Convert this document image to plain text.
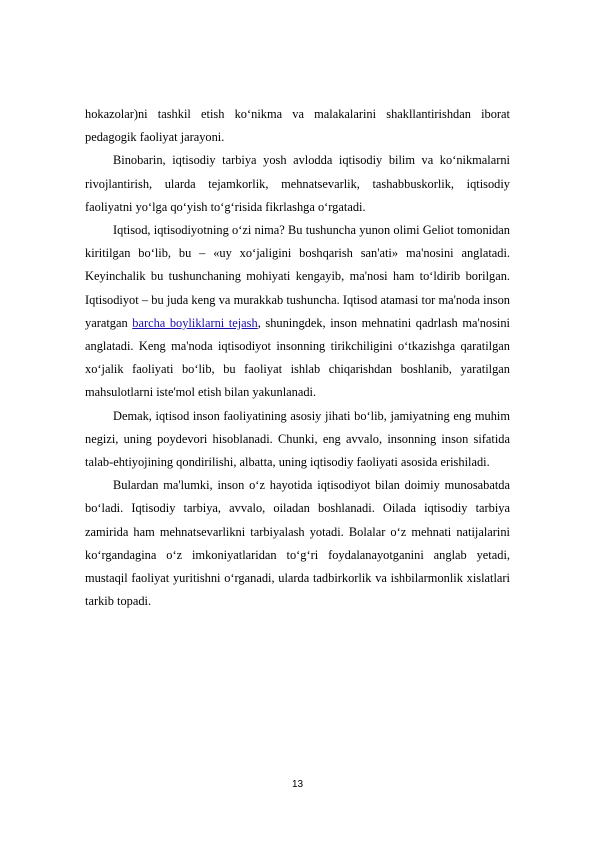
hokazolar)ni tashkil etish ko‘nikma va malakalarini shakllantirishdan iborat pedagogik faoliyat jarayoni.

Binobarin, iqtisodiy tarbiya yosh avlodda iqtisodiy bilim va ko‘nikmalarni rivojlantirish, ularda tejamkorlik, mehnatsevarlik, tashabbuskorlik, iqtisodiy faoliyatni yo‘lga qo‘yish to‘g‘risida fikrlashga o‘rgatadi.

Iqtisod, iqtisodiyotning o‘zi nima? Bu tushuncha yunon olimi Geliot tomonidan kiritilgan bo‘lib, bu – «uy xo‘jaligini boshqarish san'ati» ma'nosini anglatadi. Keyinchalik bu tushunchaning mohiyati kengayib, ma'nosi ham to‘ldirib borilgan. Iqtisodiyot – bu juda keng va murakkab tushuncha. Iqtisod atamasi tor ma'noda inson yaratgan barcha boyliklarni tejash, shuningdek, inson mehnatini qadrlash ma'nosini anglatadi. Keng ma'noda iqtisodiyot insonning tirikchiligini o‘tkazishga qaratilgan xo‘jalik faoliyati bo‘lib, bu faoliyat ishlab chiqarishdan boshlanib, yaratilgan mahsulotlarni iste'mol etish bilan yakunlanadi.

Demak, iqtisod inson faoliyatining asosiy jihati bo‘lib, jamiyatning eng muhim negizi, uning poydevori hisoblanadi. Chunki, eng avvalo, insonning inson sifatida talab-ehtiyojining qondirilishi, albatta, uning iqtisodiy faoliyati asosida erishiladi.

Bulardan ma'lumki, inson o‘z hayotida iqtisodiyot bilan doimiy munosabatda bo‘ladi. Iqtisodiy tarbiya, avvalo, oiladan boshlanadi. Oilada iqtisodiy tarbiya zamirida ham mehnatsevarlikni tarbiyalash yotadi. Bolalar o‘z mehnati natijalarini ko‘rgandagina o‘z imkoniyatlaridan to‘g‘ri foydalanayotganini anglab yetadi, mustaqil faoliyat yuritishni o‘rganadi, ularda tadbirkorlik va ishbilarmonlik xislatlari tarkib topadi.

13
